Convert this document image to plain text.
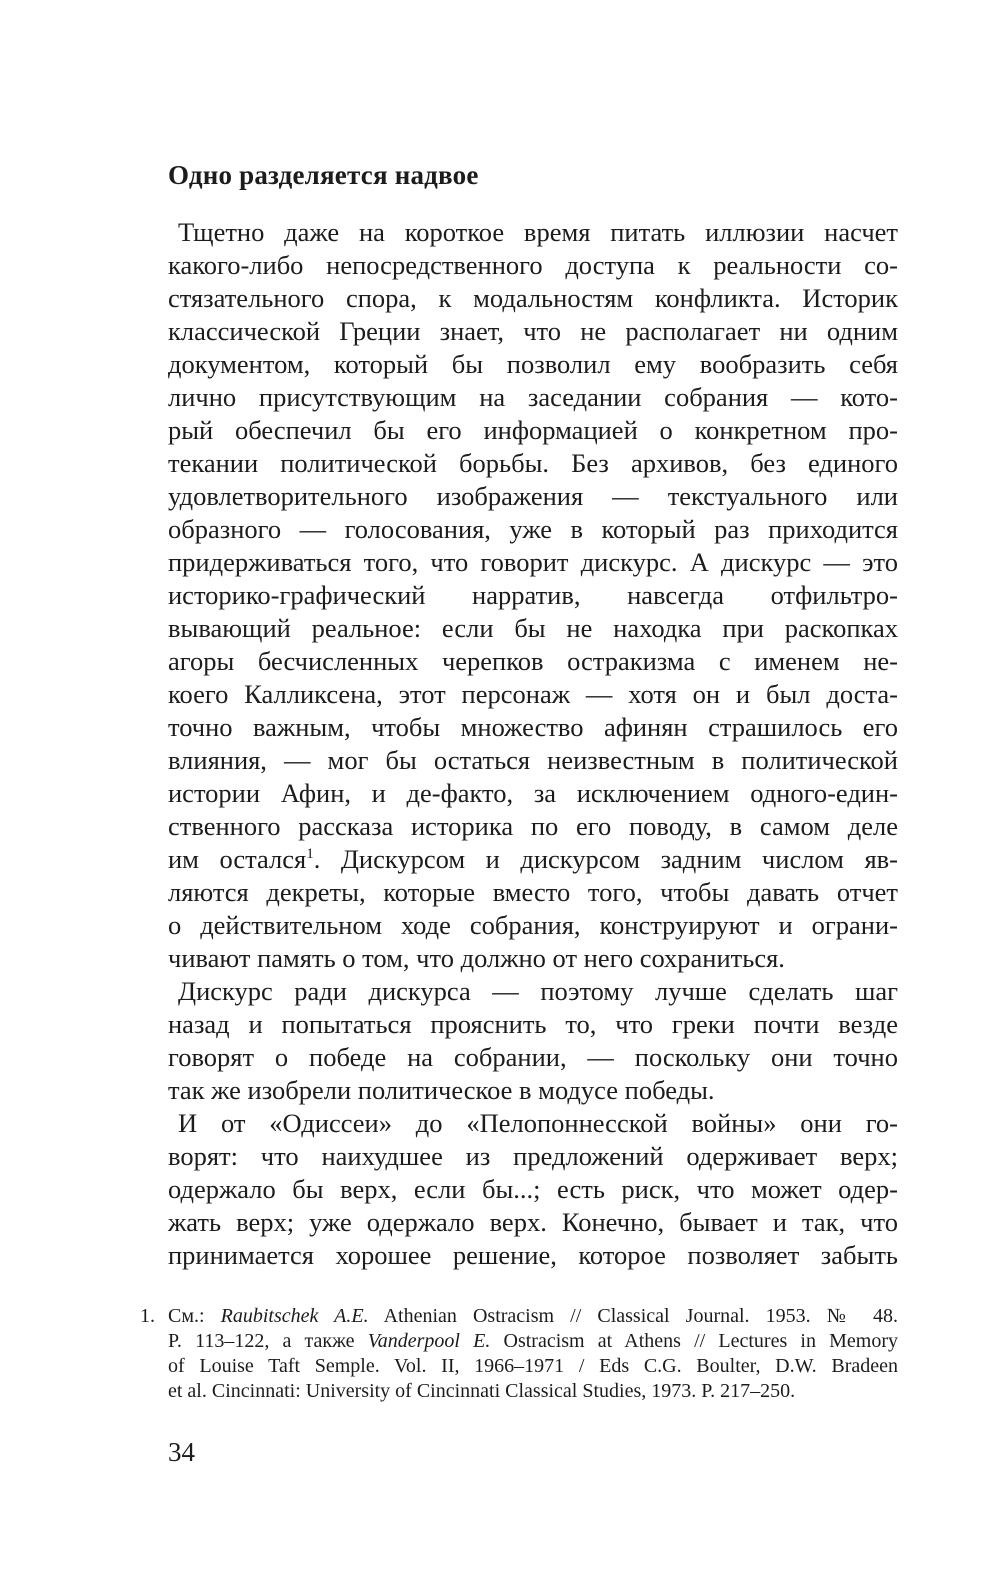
Одно разделяется надвое
Тщетно даже на короткое время питать иллюзии насчет
какого-либо непосредственного доступа к реальности со-
стязательного спора, к модальностям конфликта. Историк
классической Греции знает, что не располагает ни одним
документом, который бы позволил ему вообразить себя
лично присутствующим на заседании собрания — кото-
рый обеспечил бы его информацией о конкретном про-
текании политической борьбы. Без архивов, без единого
удовлетворительного изображения — текстуального или
образного — голосования, уже в который раз приходится
придерживаться того, что говорит дискурс. А дискурс — это
историко-графический нарратив, навсегда отфильтро-
вывающий реальное: если бы не находка при раскопках
агоры бесчисленных черепков остракизма с именем не-
коего Калликсена, этот персонаж — хотя он и был доста-
точно важным, чтобы множество афинян страшилось его
влияния, — мог бы остаться неизвестным в политической
истории Афин, и де-факто, за исключением одного-един-
ственного рассказа историка по его поводу, в самом деле
им остался$^1$. Дискурсом и дискурсом задним числом яв-
ляются декреты, которые вместо того, чтобы давать отчет
о действительном ходе собрания, конструируют и ограни-
чивают память о том, что должно от него сохраниться.
Дискурс ради дискурса — поэтому лучше сделать шаг
назад и попытаться прояснить то, что греки почти везде
говорят о победе на собрании, — поскольку они точно
так же изобрели политическое в модусе победы.
И от «Одиссеи» до «Пелопоннесской войны» они го-
ворят: что наихудшее из предложений одерживает верх;
одержало бы верх, если бы...; есть риск, что может одер-
жать верх; уже одержало верх. Конечно, бывает и так, что
принимается хорошее решение, которое позволяет забыть
1. См.: Raubitschek A.E. Athenian Ostracism // Classical Journal. 1953. № 48.
P. 113–122, а также Vanderpool E. Ostracism at Athens // Lectures in Memory
of Louise Taft Semple. Vol. II, 1966–1971 / Eds C.G. Boulter, D.W. Bradeen
et al. Cincinnati: University of Cincinnati Classical Studies, 1973. P. 217–250.
34
